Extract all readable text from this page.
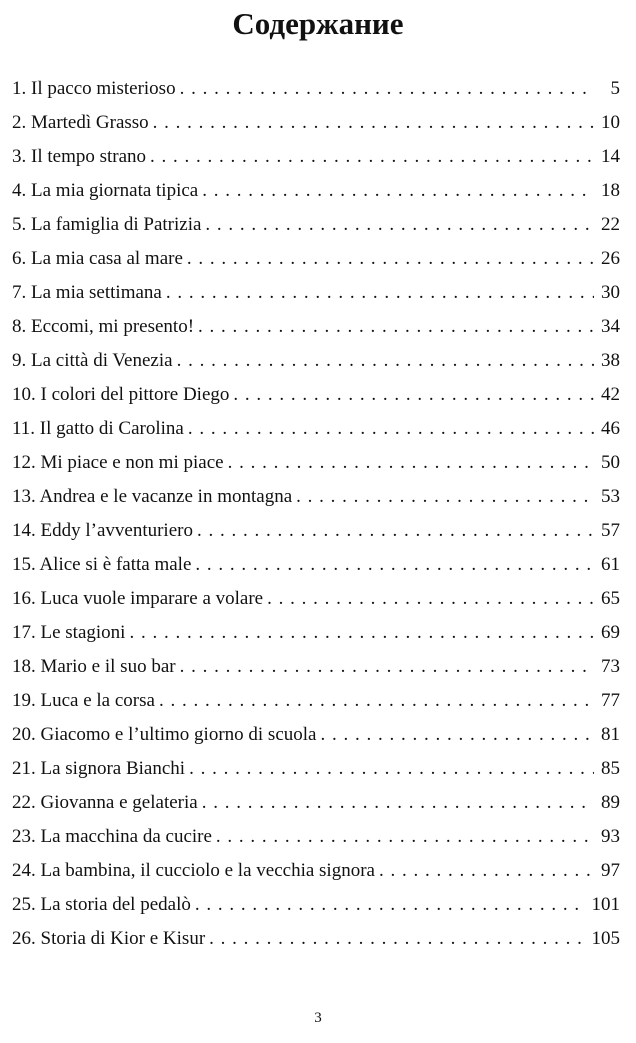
Содержание
1. Il pacco misterioso . . .	5
2. Martedì Grasso . . .	10
3. Il tempo strano . . .	14
4. La mia giornata tipica . . .	18
5. La famiglia di Patrizia . . .	22
6. La mia casa al mare . . .	26
7. La mia settimana . . .	30
8. Eccomi, mi presento! . . .	34
9. La città di Venezia . . .	38
10. I colori del pittore Diego . . .	42
11. Il gatto di Carolina . . .	46
12. Mi piace e non mi piace . . .	50
13. Andrea e le vacanze in montagna . . .	53
14. Eddy l’avventuriero . . .	57
15. Alice si è fatta male . . .	61
16. Luca vuole imparare a volare . . .	65
17. Le stagioni . . .	69
18. Mario e il suo bar . . .	73
19. Luca e la corsa . . .	77
20. Giacomo e l’ultimo giorno di scuola . . .	81
21. La signora Bianchi . . .	85
22. Giovanna e gelateria . . .	89
23. La macchina da cucire . . .	93
24. La bambina, il cucciolo e la vecchia signora . . .	97
25. La storia del pedalò . . .	101
26. Storia di Kior e Kisur . . .	105
3
